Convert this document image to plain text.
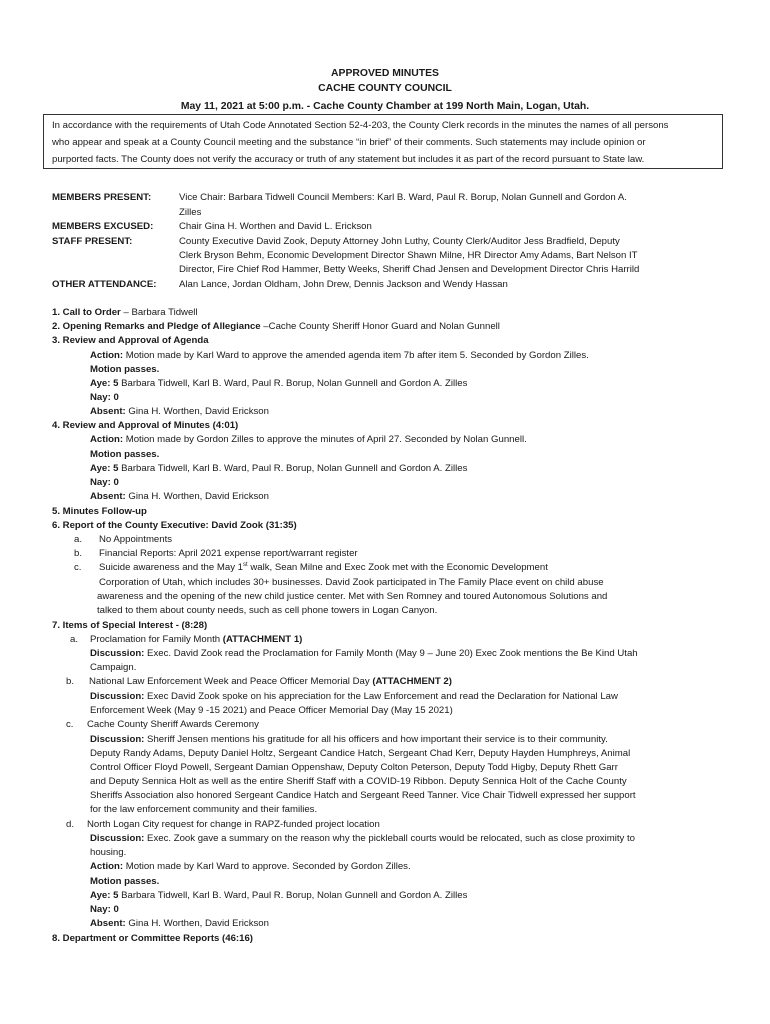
APPROVED MINUTES
CACHE COUNTY COUNCIL
May 11, 2021 at 5:00 p.m. - Cache County Chamber at 199 North Main, Logan, Utah.
In accordance with the requirements of Utah Code Annotated Section 52-4-203, the County Clerk records in the minutes the names of all persons
who appear and speak at a County Council meeting and the substance “in brief” of their comments. Such statements may include opinion or
purported facts. The County does not verify the accuracy or truth of any statement but includes it as part of the record pursuant to State law.
MEMBERS PRESENT:	Vice Chair: Barbara Tidwell Council Members: Karl B. Ward, Paul R. Borup, Nolan Gunnell and Gordon A.
Zilles
MEMBERS EXCUSED:	Chair Gina H. Worthen and David L. Erickson
STAFF PRESENT:	County Executive David Zook, Deputy Attorney John Luthy, County Clerk/Auditor Jess Bradfield, Deputy
Clerk Bryson Behm, Economic Development Director Shawn Milne, HR Director Amy Adams, Bart Nelson IT
Director, Fire Chief Rod Hammer, Betty Weeks, Sheriff Chad Jensen and Development Director Chris Harrild
OTHER ATTENDANCE:	Alan Lance, Jordan Oldham, John Drew, Dennis Jackson and Wendy Hassan
1. Call to Order – Barbara Tidwell
2. Opening Remarks and Pledge of Allegiance –Cache County Sheriff Honor Guard and Nolan Gunnell
3. Review and Approval of Agenda
Action: Motion made by Karl Ward to approve the amended agenda item 7b after item 5. Seconded by Gordon Zilles.
Motion passes.
Aye: 5 Barbara Tidwell, Karl B. Ward, Paul R. Borup, Nolan Gunnell and Gordon A. Zilles
Nay: 0
Absent: Gina H. Worthen, David Erickson
4. Review and Approval of Minutes (4:01)
Action: Motion made by Gordon Zilles to approve the minutes of April 27. Seconded by Nolan Gunnell.
Motion passes.
Aye: 5 Barbara Tidwell, Karl B. Ward, Paul R. Borup, Nolan Gunnell and Gordon A. Zilles
Nay: 0
Absent: Gina H. Worthen, David Erickson
5. Minutes Follow-up
6. Report of the County Executive: David Zook (31:35)
a. No Appointments
b. Financial Reports: April 2021 expense report/warrant register
c. Suicide awareness and the May 1st walk, Sean Milne and Exec Zook met with the Economic Development
Corporation of Utah, which includes 30+ businesses. David Zook participated in The Family Place event on child abuse
awareness and the opening of the new child justice center. Met with Sen Romney and toured Autonomous Solutions and
talked to them about county needs, such as cell phone towers in Logan Canyon.
7. Items of Special Interest - (8:28)
a. Proclamation for Family Month (ATTACHMENT 1)
Discussion: Exec. David Zook read the Proclamation for Family Month (May 9 – June 20) Exec Zook mentions the Be Kind Utah
Campaign.
b. National Law Enforcement Week and Peace Officer Memorial Day (ATTACHMENT 2)
Discussion: Exec David Zook spoke on his appreciation for the Law Enforcement and read the Declaration for National Law
Enforcement Week (May 9 -15 2021) and Peace Officer Memorial Day (May 15 2021)
c. Cache County Sheriff Awards Ceremony
Discussion: Sheriff Jensen mentions his gratitude for all his officers and how important their service is to their community.
Deputy Randy Adams, Deputy Daniel Holtz, Sergeant Candice Hatch, Sergeant Chad Kerr, Deputy Hayden Humphreys, Animal
Control Officer Floyd Powell, Sergeant Damian Oppenshaw, Deputy Colton Peterson, Deputy Todd Higby, Deputy Rhett Garr
and Deputy Sennica Holt as well as the entire Sheriff Staff with a COVID-19 Ribbon. Deputy Sennica Holt of the Cache County
Sheriffs Association also honored Sergeant Candice Hatch and Sergeant Reed Tanner. Vice Chair Tidwell expressed her support
for the law enforcement community and their families.
d. North Logan City request for change in RAPZ-funded project location
Discussion: Exec. Zook gave a summary on the reason why the pickleball courts would be relocated, such as close proximity to
housing.
Action: Motion made by Karl Ward to approve. Seconded by Gordon Zilles.
Motion passes.
Aye: 5 Barbara Tidwell, Karl B. Ward, Paul R. Borup, Nolan Gunnell and Gordon A. Zilles
Nay: 0
Absent: Gina H. Worthen, David Erickson
8. Department or Committee Reports (46:16)
